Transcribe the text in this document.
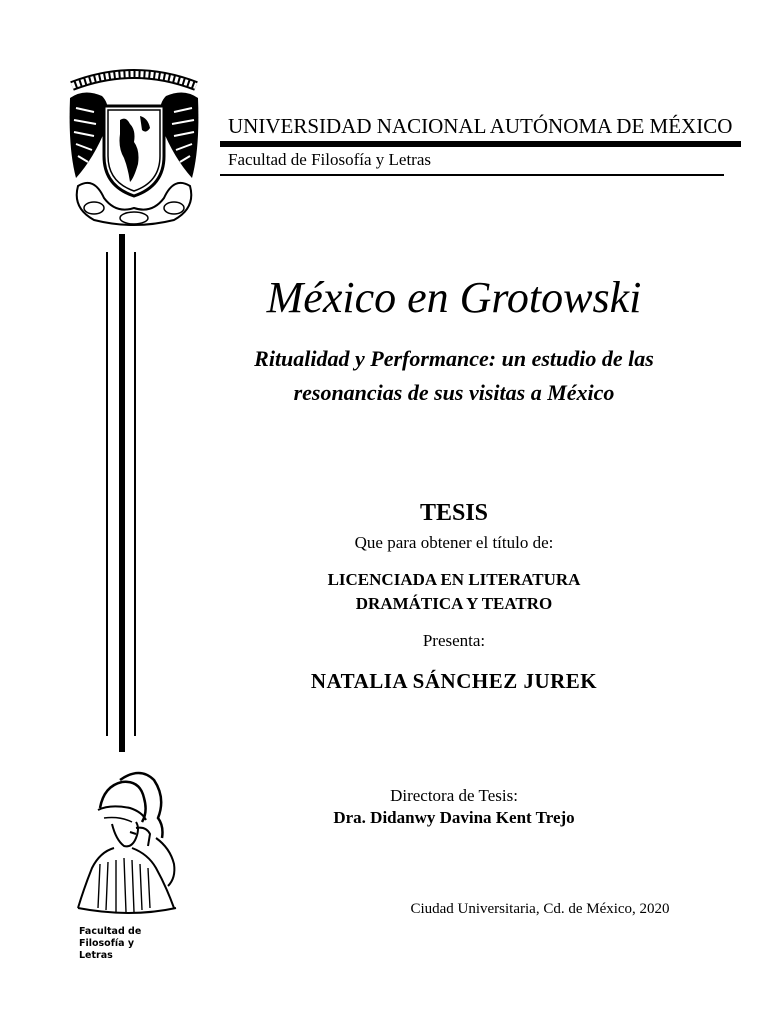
UNIVERSIDAD NACIONAL AUTÓNOMA DE MÉXICO
Facultad de Filosofía y Letras
México en Grotowski
Ritualidad y Performance: un estudio de las
resonancias de sus visitas a México
TESIS
Que para obtener el título de:
LICENCIADA EN LITERATURA
DRAMÁTICA Y TEATRO
Presenta:
NATALIA SÁNCHEZ JUREK
Directora de Tesis:
Dra. Didanwy Davina Kent Trejo
Ciudad Universitaria, Cd. de México, 2020
Facultad de
Filosofía y
Letras
